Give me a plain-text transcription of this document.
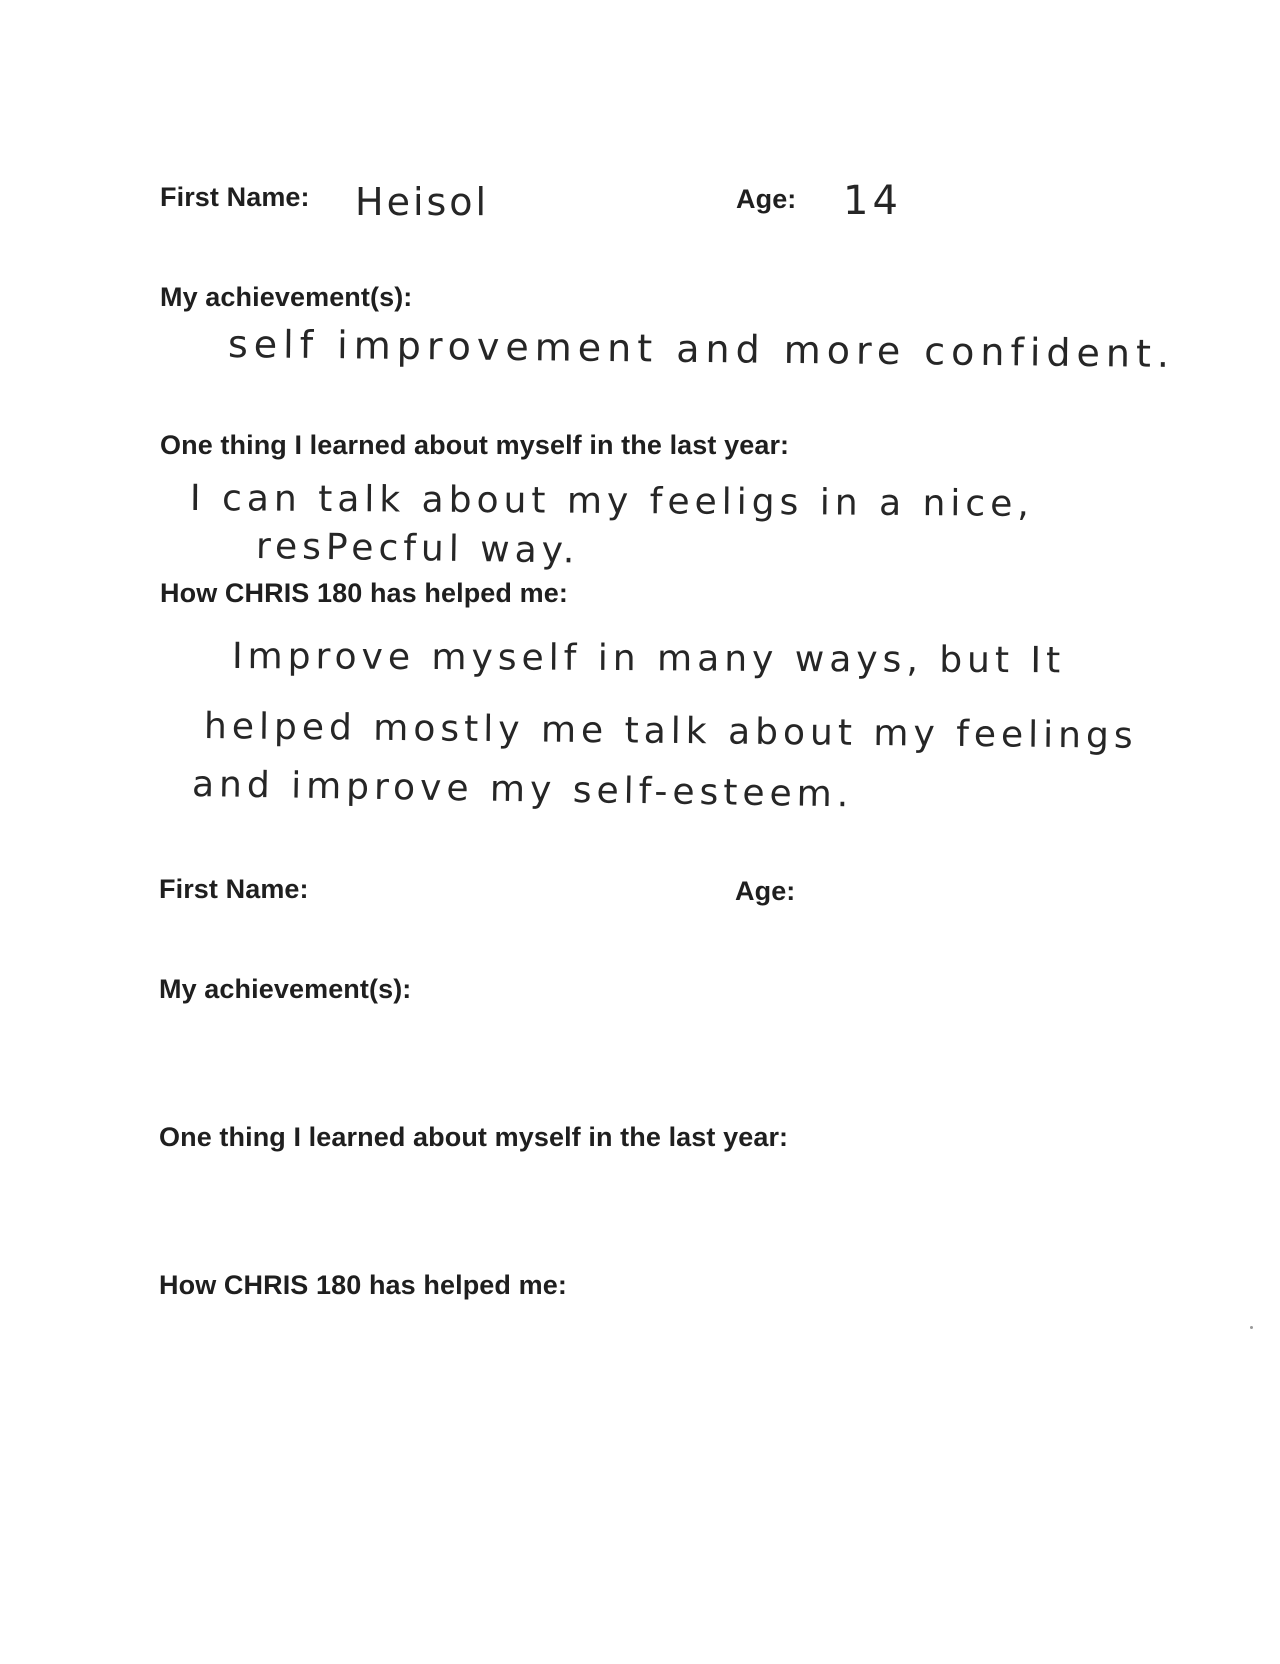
First Name: Heisol	Age: 14
My achievement(s):
self improvement and more confident.
One thing I learned about myself in the last year:
I can talk about my feeligs in a nice,
resPecful way.
How CHRIS 180 has helped me:
Improve myself in many ways, but It
helped mostly me talk about my feelings
and improve my self-esteem.
First Name:	Age:
My achievement(s):
One thing I learned about myself in the last year:
How CHRIS 180 has helped me:
